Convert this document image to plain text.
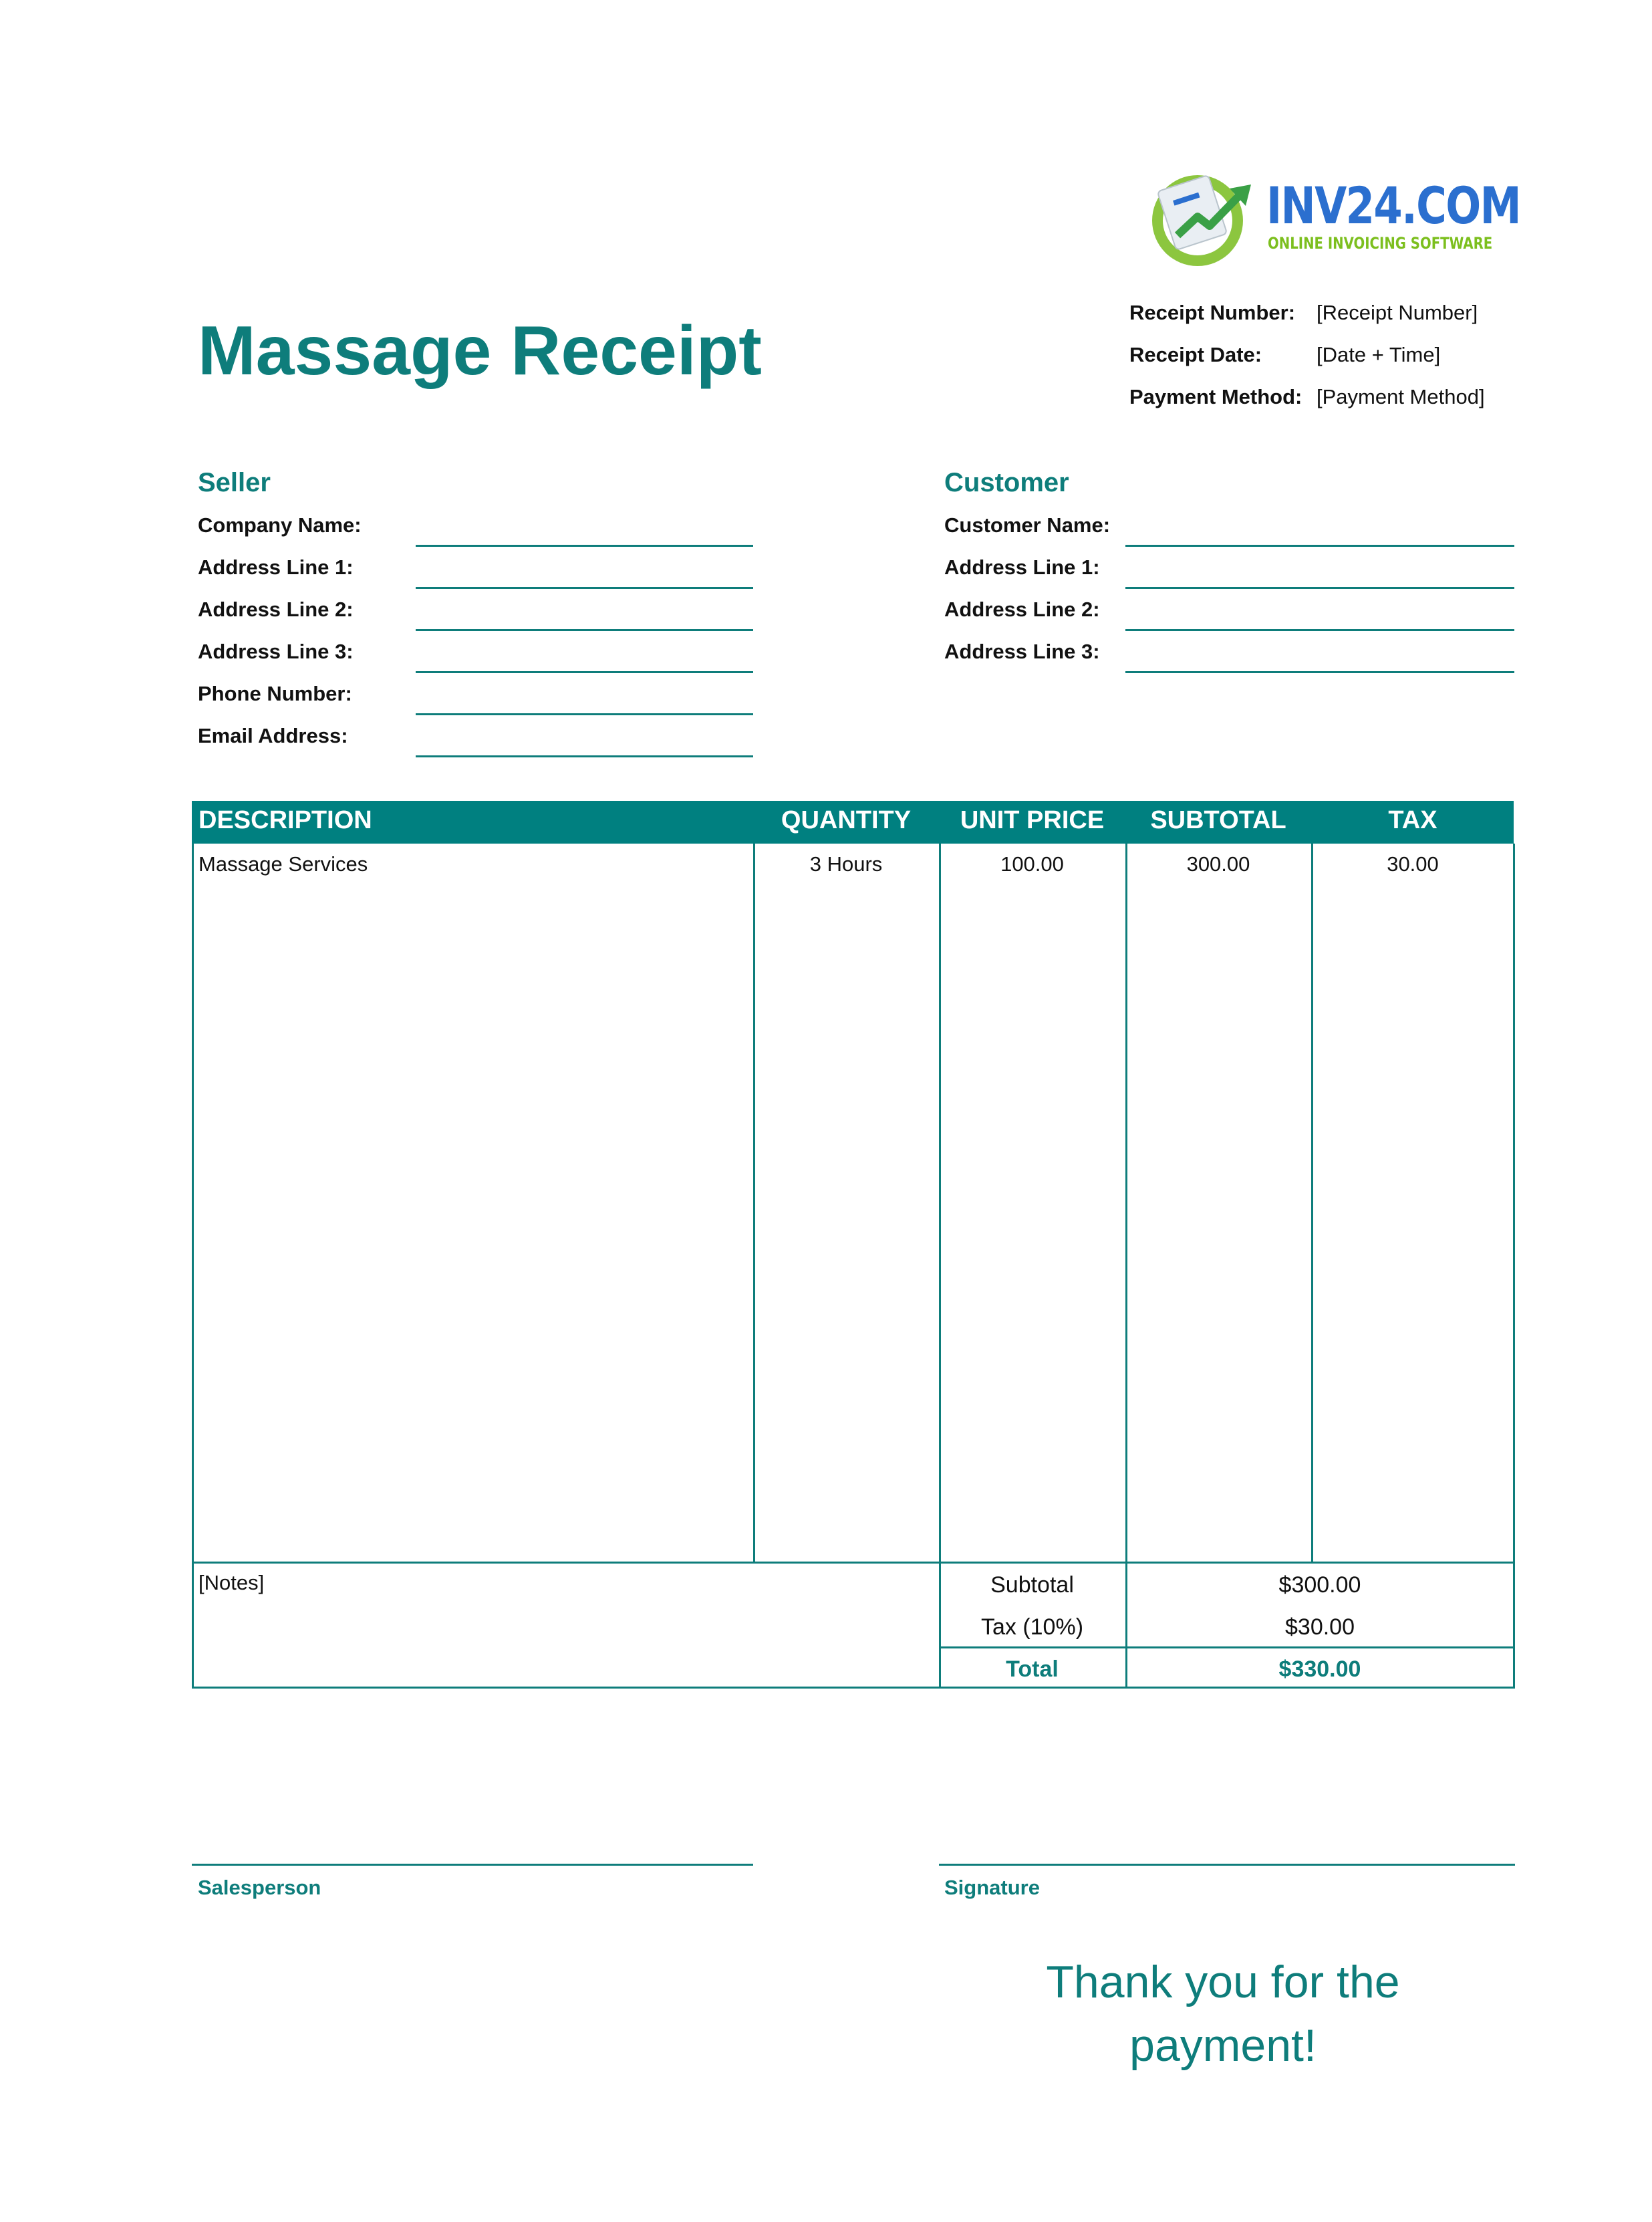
INV24.COM
ONLINE INVOICING SOFTWARE
Massage Receipt	Receipt Number: [Receipt Number]
Receipt Date:	[Date + Time]
Payment Method: [Payment Method]
Seller
Company Name:
Address Line 1:
Address Line 2:
Address Line 3:
Phone Number:
Email Address:
Customer
Customer Name:
Address Line 1:
Address Line 2:
Address Line 3:
DESCRIPTION	QUANTITY	UNIT PRICE	SUBTOTAL	TAX
Massage Services	3 Hours	100.00	300.00	30.00
[Notes]	Subtotal	$300.00
Tax (10%)	$30.00
Total	$330.00
Salesperson	Signature
Thank you for the payment!
